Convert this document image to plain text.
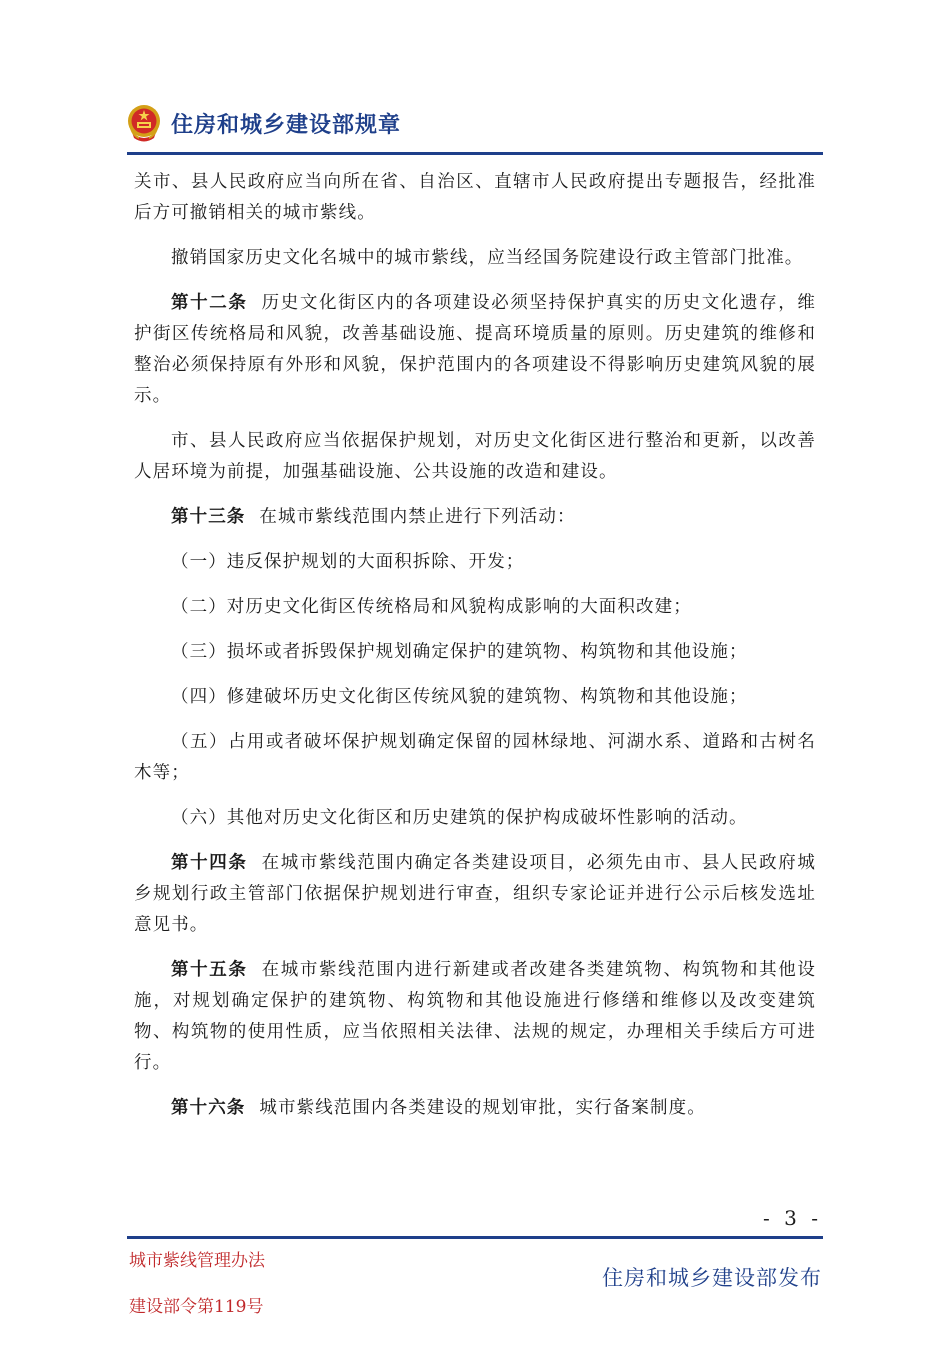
住房和城乡建设部规章

关市、县人民政府应当向所在省、自治区、直辖市人民政府提出专题报告，经批准后方可撤销相关的城市紫线。

撤销国家历史文化名城中的城市紫线，应当经国务院建设行政主管部门批准。

第十二条 历史文化街区内的各项建设必须坚持保护真实的历史文化遗存，维护街区传统格局和风貌，改善基础设施、提高环境质量的原则。历史建筑的维修和整治必须保持原有外形和风貌，保护范围内的各项建设不得影响历史建筑风貌的展示。

市、县人民政府应当依据保护规划，对历史文化街区进行整治和更新，以改善人居环境为前提，加强基础设施、公共设施的改造和建设。

第十三条 在城市紫线范围内禁止进行下列活动：

（一）违反保护规划的大面积拆除、开发；

（二）对历史文化街区传统格局和风貌构成影响的大面积改建；

（三）损坏或者拆毁保护规划确定保护的建筑物、构筑物和其他设施；

（四）修建破坏历史文化街区传统风貌的建筑物、构筑物和其他设施；

（五）占用或者破坏保护规划确定保留的园林绿地、河湖水系、道路和古树名木等；

（六）其他对历史文化街区和历史建筑的保护构成破坏性影响的活动。

第十四条 在城市紫线范围内确定各类建设项目，必须先由市、县人民政府城乡规划行政主管部门依据保护规划进行审查，组织专家论证并进行公示后核发选址意见书。

第十五条 在城市紫线范围内进行新建或者改建各类建筑物、构筑物和其他设施，对规划确定保护的建筑物、构筑物和其他设施进行修缮和维修以及改变建筑物、构筑物的使用性质，应当依照相关法律、法规的规定，办理相关手续后方可进行。

第十六条 城市紫线范围内各类建设的规划审批，实行备案制度。

- 3 -
城市紫线管理办法
建设部令第119号
住房和城乡建设部发布
